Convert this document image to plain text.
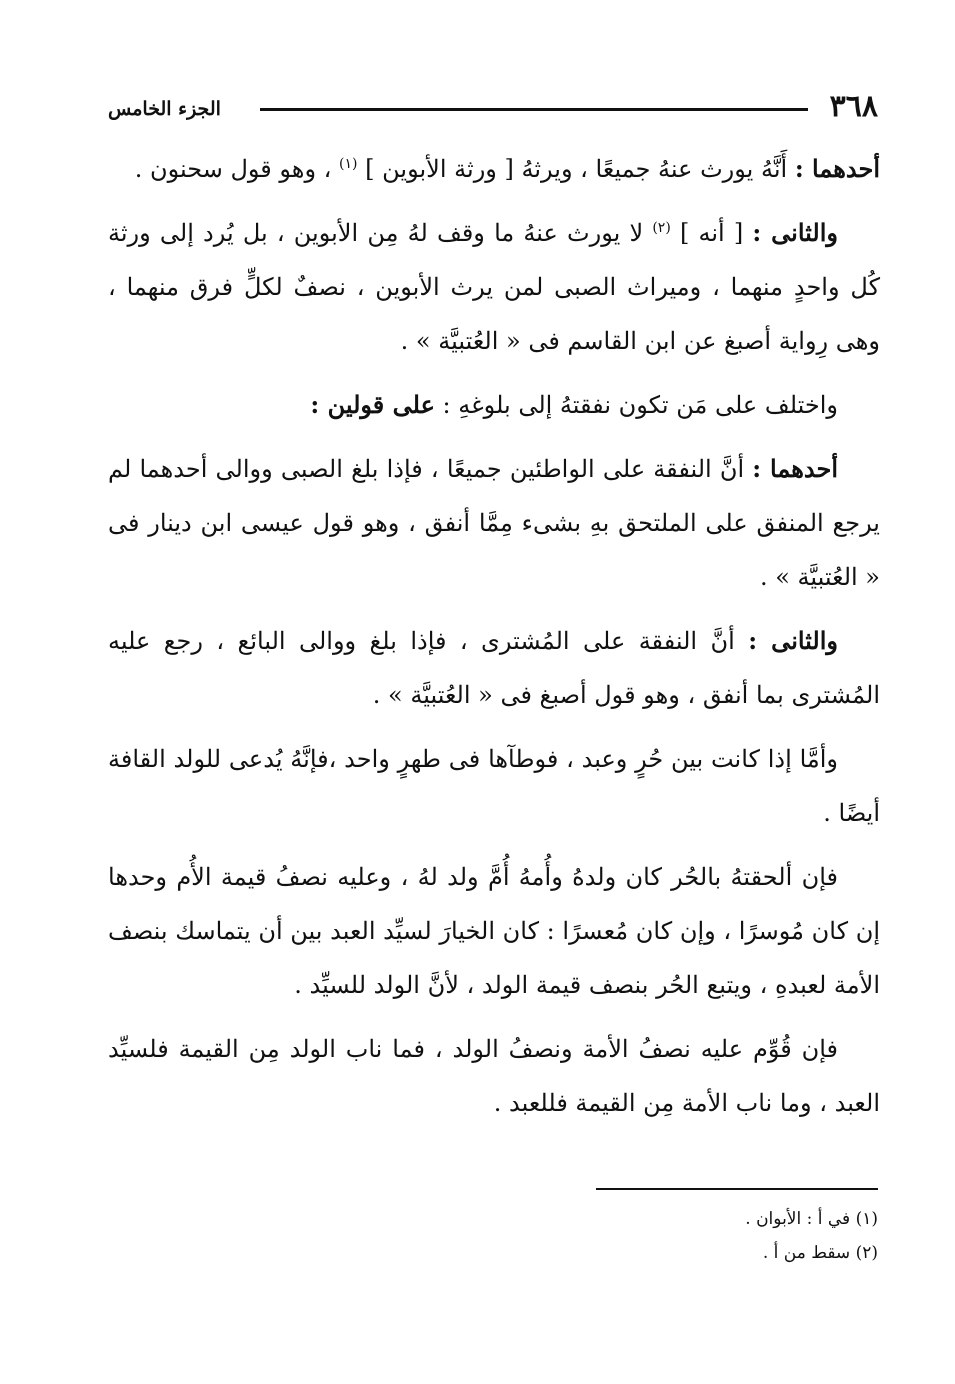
٣٦٨
الجزء الخامس

أحدهما : أَنَّهُ يورث عنهُ جميعًا ، ويرثهُ [ ورثة الأبوين ] $^{(١)}$ ، وهو قول سحنون .

والثانى : [ أنه ] $^{(٢)}$ لا يورث عنهُ ما وقف لهُ مِن الأبوين ، بل يُرد إلى ورثة كُل واحدٍ منهما ، وميراث الصبى لمن يرث الأبوين ، نصفٌ لكلٍّ فرق منهما ، وهى رِواية أصبغ عن ابن القاسم فى « العُتبيَّة » .

واختلف على مَن تكون نفقتهُ إلى بلوغهِ : على قولين :

أحدهما : أنَّ النفقة على الواطئين جميعًا ، فإذا بلغ الصبى ووالى أحدهما لم يرجع المنفق على الملتحق بهِ بشىء مِمَّا أنفق ، وهو قول عيسى ابن دينار فى « العُتبيَّة » .

والثانى : أنَّ النفقة على المُشترى ، فإذا بلغ ووالى البائع ، رجع عليه المُشترى بما أنفق ، وهو قول أصبغ فى « العُتبيَّة » .

وأمَّا إذا كانت بين حُرٍ وعبد ، فوطآها فى طهرٍ واحد ،فإنَّهُ يُدعى للولد القافة أيضًا .

فإن ألحقتهُ بالحُر كان ولدهُ وأُمهُ أُمَّ ولد لهُ ، وعليه نصفُ قيمة الأُم وحدها إن كان مُوسرًا ، وإن كان مُعسرًا : كان الخيارَ لسيِّد العبد بين أن يتماسك بنصف الأمة لعبدهِ ، ويتبع الحُر بنصف قيمة الولد ، لأنَّ الولد للسيِّد .

فإن قُوِّم عليه نصفُ الأمة ونصفُ الولد ، فما ناب الولد مِن القيمة فلسيِّد العبد ، وما ناب الأمة مِن القيمة فللعبد .

(١) في أ : الأبوان .
(٢) سقط من أ .
